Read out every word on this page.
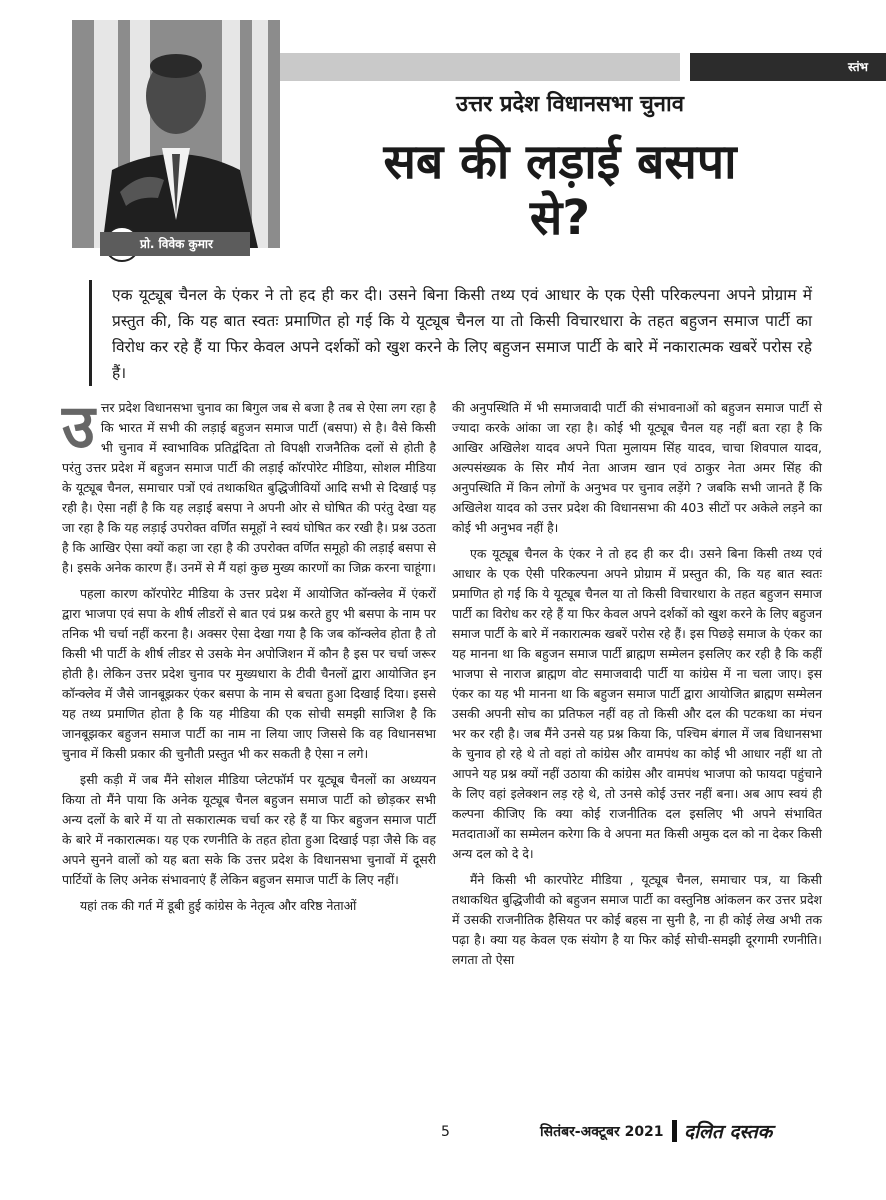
प्रो. विवेक कुमार
स्तंभ
उत्तर प्रदेश विधानसभा चुनाव
सब की लड़ाई बसपा से?
एक यूट्यूब चैनल के एंकर ने तो हद ही कर दी। उसने बिना किसी तथ्य एवं आधार के एक ऐसी परिकल्पना अपने प्रोग्राम में प्रस्तुत की, कि यह बात स्वतः प्रमाणित हो गई कि ये यूट्यूब चैनल या तो किसी विचारधारा के तहत बहुजन समाज पार्टी का विरोध कर रहे हैं या फिर केवल अपने दर्शकों को खुश करने के लिए बहुजन समाज पार्टी के बारे में नकारात्मक खबरें परोस रहे हैं।

उत्तर प्रदेश विधानसभा चुनाव का बिगुल जब से बजा है तब से ऐसा लग रहा है कि भारत में सभी की लड़ाई बहुजन समाज पार्टी (बसपा) से है। वैसे किसी भी चुनाव में स्वाभाविक प्रतिद्वंदिता तो विपक्षी राजनैतिक दलों से होती है परंतु उत्तर प्रदेश में बहुजन समाज पार्टी की लड़ाई कॉरपोरेट मीडिया, सोशल मीडिया के यूट्यूब चैनल, समाचार पत्रों एवं तथाकथित बुद्धिजीवियों आदि सभी से दिखाई पड़ रही है। ऐसा नहीं है कि यह लड़ाई बसपा ने अपनी ओर से घोषित की परंतु देखा यह जा रहा है कि यह लड़ाई उपरोक्त वर्णित समूहों ने स्वयं घोषित कर रखी है। प्रश्न उठता है कि आखिर ऐसा क्यों कहा जा रहा है की उपरोक्त वर्णित समूहो की लड़ाई बसपा से है। इसके अनेक कारण हैं। उनमें से मैं यहां कुछ मुख्य कारणों का जिक्र करना चाहूंगा।

पहला कारण कॉरपोरेट मीडिया के उत्तर प्रदेश में आयोजित कॉन्क्लेव में एंकरों द्वारा भाजपा एवं सपा के शीर्ष लीडरों से बात एवं प्रश्न करते हुए भी बसपा के नाम पर तनिक भी चर्चा नहीं करना है। अक्सर ऐसा देखा गया है कि जब कॉन्क्लेव होता है तो किसी भी पार्टी के शीर्ष लीडर से उसके मेन अपोजिशन में कौन है इस पर चर्चा जरूर होती है। लेकिन उत्तर प्रदेश चुनाव पर मुख्यधारा के टीवी चैनलों द्वारा आयोजित इन कॉन्क्लेव में जैसे जानबूझकर एंकर बसपा के नाम से बचता हुआ दिखाई दिया। इससे यह तथ्य प्रमाणित होता है कि यह मीडिया की एक सोची समझी साजिश है कि जानबूझकर बहुजन समाज पार्टी का नाम ना लिया जाए जिससे कि वह विधानसभा चुनाव में किसी प्रकार की चुनौती प्रस्तुत भी कर सकती है ऐसा न लगे।

इसी कड़ी में जब मैंने सोशल मीडिया प्लेटफॉर्म पर यूट्यूब चैनलों का अध्ययन किया तो मैंने पाया कि अनेक यूट्यूब चैनल बहुजन समाज पार्टी को छोड़कर सभी अन्य दलों के बारे में या तो सकारात्मक चर्चा कर रहे हैं या फिर बहुजन समाज पार्टी के बारे में नकारात्मक। यह एक रणनीति के तहत होता हुआ दिखाई पड़ा जैसे कि वह अपने सुनने वालों को यह बता सके कि उत्तर प्रदेश के विधानसभा चुनावों में दूसरी पार्टियों के लिए अनेक संभावनाएं हैं लेकिन बहुजन समाज पार्टी के लिए नहीं।

यहां तक की गर्त में डूबी हुई कांग्रेस के नेतृत्व और वरिष्ठ नेताओं

की अनुपस्थिति में भी समाजवादी पार्टी की संभावनाओं को बहुजन समाज पार्टी से ज्यादा करके आंका जा रहा है। कोई भी यूट्यूब चैनल यह नहीं बता रहा है कि आखिर अखिलेश यादव अपने पिता मुलायम सिंह यादव, चाचा शिवपाल यादव, अल्पसंख्यक के सिर मौर्य नेता आजम खान एवं ठाकुर नेता अमर सिंह की अनुपस्थिति में किन लोगों के अनुभव पर चुनाव लड़ेंगे ? जबकि सभी जानते हैं कि अखिलेश यादव को उत्तर प्रदेश की विधानसभा की 403 सीटों पर अकेले लड़ने का कोई भी अनुभव नहीं है।

एक यूट्यूब चैनल के एंकर ने तो हद ही कर दी। उसने बिना किसी तथ्य एवं आधार के एक ऐसी परिकल्पना अपने प्रोग्राम में प्रस्तुत की, कि यह बात स्वतः प्रमाणित हो गई कि ये यूट्यूब चैनल या तो किसी विचारधारा के तहत बहुजन समाज पार्टी का विरोध कर रहे हैं या फिर केवल अपने दर्शकों को खुश करने के लिए बहुजन समाज पार्टी के बारे में नकारात्मक खबरें परोस रहे हैं। इस पिछड़े समाज के एंकर का यह मानना था कि बहुजन समाज पार्टी ब्राह्मण सम्मेलन इसलिए कर रही है कि कहीं भाजपा से नाराज ब्राह्मण वोट समाजवादी पार्टी या कांग्रेस में ना चला जाए। इस एंकर का यह भी मानना था कि बहुजन समाज पार्टी द्वारा आयोजित ब्राह्मण सम्मेलन उसकी अपनी सोच का प्रतिफल नहीं वह तो किसी और दल की पटकथा का मंचन भर कर रही है। जब मैंने उनसे यह प्रश्न किया कि, पश्चिम बंगाल में जब विधानसभा के चुनाव हो रहे थे तो वहां तो कांग्रेस और वामपंथ का कोई भी आधार नहीं था तो आपने यह प्रश्न क्यों नहीं उठाया की कांग्रेस और वामपंथ भाजपा को फायदा पहुंचाने के लिए वहां इलेक्शन लड़ रहे थे, तो उनसे कोई उत्तर नहीं बना। अब आप स्वयं ही कल्पना कीजिए कि क्या कोई राजनीतिक दल इसलिए भी अपने संभावित मतदाताओं का सम्मेलन करेगा कि वे अपना मत किसी अमुक दल को ना देकर किसी अन्य दल को दे दे।

मैंने किसी भी कारपोरेट मीडिया , यूट्यूब चैनल, समाचार पत्र, या किसी तथाकथित बुद्धिजीवी को बहुजन समाज पार्टी का वस्तुनिष्ठ आंकलन कर उत्तर प्रदेश में उसकी राजनीतिक हैसियत पर कोई बहस ना सुनी है, ना ही कोई लेख अभी तक पढ़ा है। क्या यह केवल एक संयोग है या फिर कोई सोची-समझी दूरगामी रणनीति। लगता तो ऐसा

5	सितंबर-अक्टूबर 2021 दलित दस्तक
